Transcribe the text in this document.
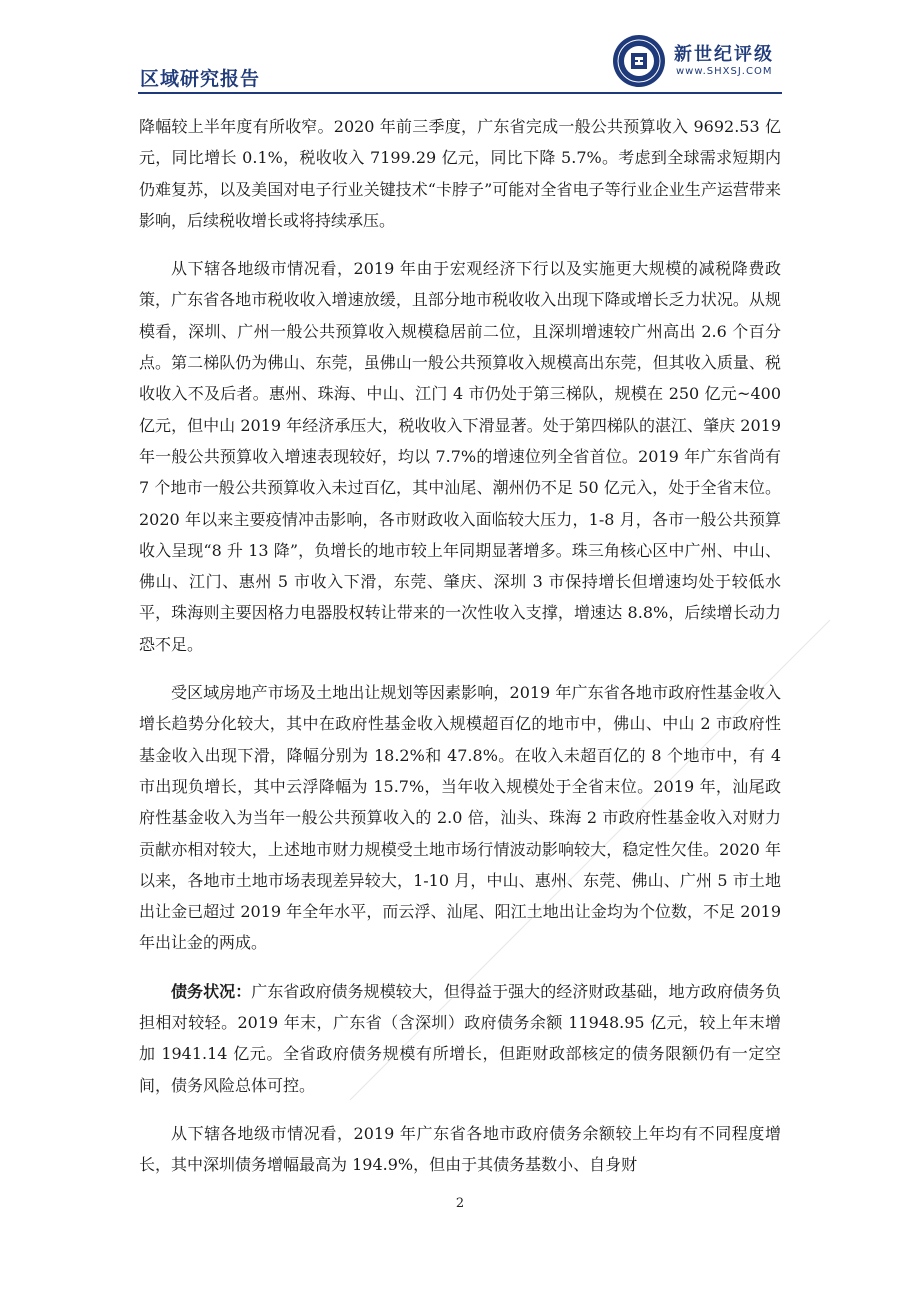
区域研究报告
新世纪评级
www.SHXSJ.COM

降幅较上半年度有所收窄。2020 年前三季度，广东省完成一般公共预算收入 9692.53 亿元，同比增长 0.1%，税收收入 7199.29 亿元，同比下降 5.7%。考虑到全球需求短期内仍难复苏，以及美国对电子行业关键技术“卡脖子”可能对全省电子等行业企业生产运营带来影响，后续税收增长或将持续承压。

从下辖各地级市情况看，2019 年由于宏观经济下行以及实施更大规模的减税降费政策，广东省各地市税收收入增速放缓，且部分地市税收收入出现下降或增长乏力状况。从规模看，深圳、广州一般公共预算收入规模稳居前二位，且深圳增速较广州高出 2.6 个百分点。第二梯队仍为佛山、东莞，虽佛山一般公共预算收入规模高出东莞，但其收入质量、税收收入不及后者。惠州、珠海、中山、江门 4 市仍处于第三梯队，规模在 250 亿元~400 亿元，但中山 2019 年经济承压大，税收收入下滑显著。处于第四梯队的湛江、肇庆 2019 年一般公共预算收入增速表现较好，均以 7.7%的增速位列全省首位。2019 年广东省尚有 7 个地市一般公共预算收入未过百亿，其中汕尾、潮州仍不足 50 亿元入，处于全省末位。2020 年以来主要疫情冲击影响，各市财政收入面临较大压力，1-8 月，各市一般公共预算收入呈现“8 升 13 降”，负增长的地市较上年同期显著增多。珠三角核心区中广州、中山、佛山、江门、惠州 5 市收入下滑，东莞、肇庆、深圳 3 市保持增长但增速均处于较低水平，珠海则主要因格力电器股权转让带来的一次性收入支撑，增速达 8.8%，后续增长动力恐不足。

受区域房地产市场及土地出让规划等因素影响，2019 年广东省各地市政府性基金收入增长趋势分化较大，其中在政府性基金收入规模超百亿的地市中，佛山、中山 2 市政府性基金收入出现下滑，降幅分别为 18.2%和 47.8%。在收入未超百亿的 8 个地市中，有 4 市出现负增长，其中云浮降幅为 15.7%，当年收入规模处于全省末位。2019 年，汕尾政府性基金收入为当年一般公共预算收入的 2.0 倍，汕头、珠海 2 市政府性基金收入对财力贡献亦相对较大，上述地市财力规模受土地市场行情波动影响较大，稳定性欠佳。2020 年以来，各地市土地市场表现差异较大，1-10 月，中山、惠州、东莞、佛山、广州 5 市土地出让金已超过 2019 年全年水平，而云浮、汕尾、阳江土地出让金均为个位数，不足 2019 年出让金的两成。

债务状况：广东省政府债务规模较大，但得益于强大的经济财政基础，地方政府债务负担相对较轻。2019 年末，广东省（含深圳）政府债务余额 11948.95 亿元，较上年末增加 1941.14 亿元。全省政府债务规模有所增长，但距财政部核定的债务限额仍有一定空间，债务风险总体可控。

从下辖各地级市情况看，2019 年广东省各地市政府债务余额较上年均有不同程度增长，其中深圳债务增幅最高为 194.9%，但由于其债务基数小、自身财

2
